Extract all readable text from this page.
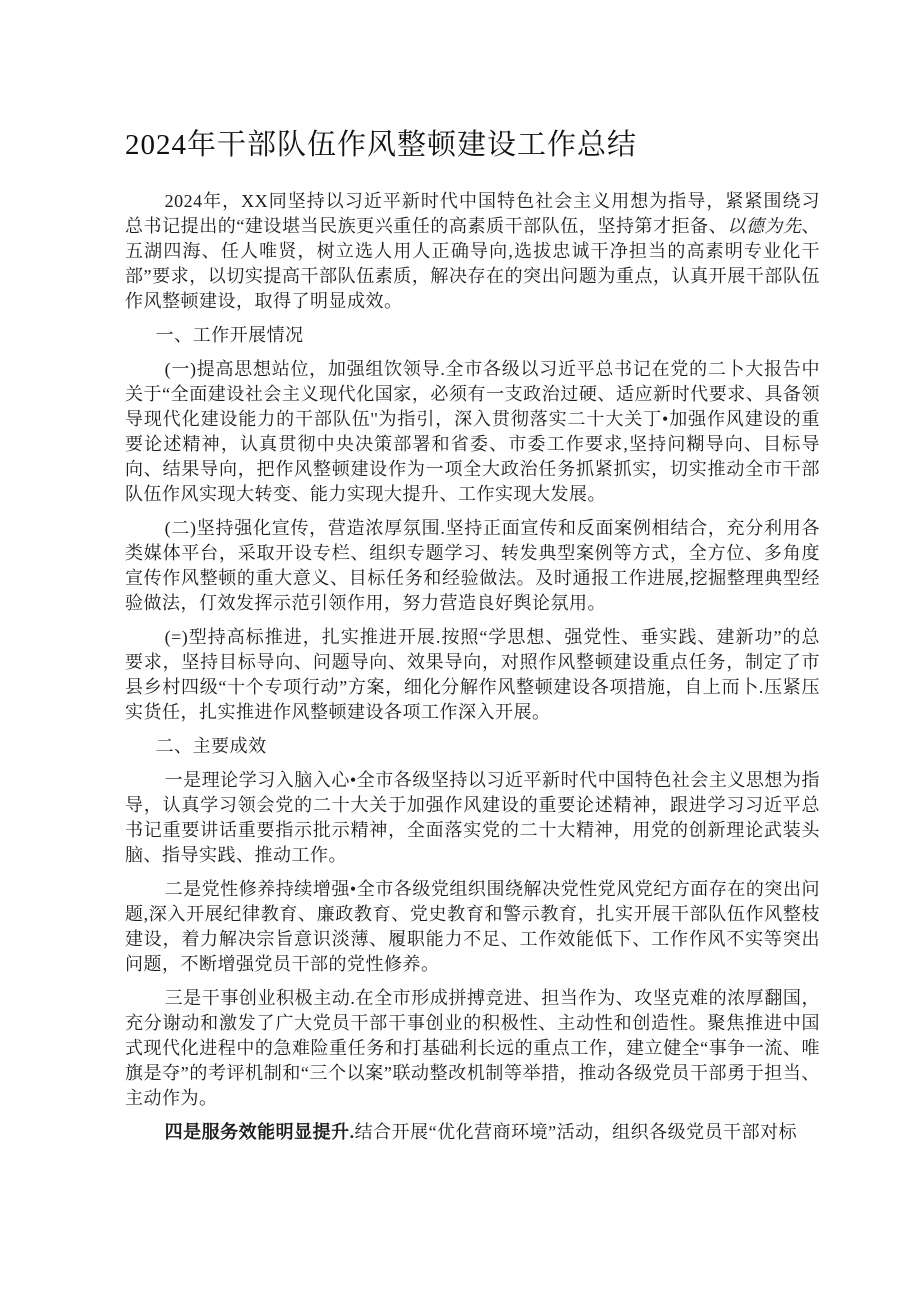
2024年干部队伍作风整顿建设工作总结

2024年，XX同坚持以习近平新时代中国特色社会主义用想为指导，紧紧围绕习总书记提出的“建设堪当民族更兴重任的高素质干部队伍，坚持第才拒备、以德为先、五湖四海、任人唯贤，树立选人用人正确导向,选拔忠诚干净担当的高素明专业化干部”要求，以切实提高干部队伍素质，解决存在的突出问题为重点，认真开展干部队伍作风整顿建设，取得了明显成效。

一、工作开展情况

(一)提高思想站位，加强组饮领导.全市各级以习近平总书记在党的二卜大报告中关于“全面建设社会主义现代化国家，必须有一支政治过硬、适应新时代要求、具备领导现代化建设能力的干部队伍''为指引，深入贯彻落实二十大关丁•加强作风建设的重要论述精神，认真贯彻中央决策部署和省委、市委工作要求,坚持问糊导向、目标导向、结果导向，把作风整顿建设作为一项全大政治任务抓紧抓实，切实推动全市干部队伍作风实现大转变、能力实现大提升、工作实现大发展。

(二)坚持强化宣传，营造浓厚氛围.坚持正面宣传和反面案例相结合，充分利用各类媒体平台，采取开设专栏、组织专题学习、转发典型案例等方式，全方位、多角度宣传作风整顿的重大意义、目标任务和经验做法。及时通报工作进展,挖掘整理典型经验做法，仃效发挥示范引领作用，努力营造良好舆论氛用。

(=)型持高标推进，扎实推进开展.按照“学思想、强党性、垂实践、建新功”的总要求，坚持目标导向、问题导向、效果导向，对照作风整顿建设重点任务，制定了市县乡村四级“十个专项行动”方案，细化分解作风整顿建设各项措施，自上而卜.压紧压实货任，扎实推进作风整顿建设各项工作深入开展。

二、主要成效

一是理论学习入脑入心•全市各级坚持以习近平新时代中国特色社会主义思想为指导，认真学习领会党的二十大关于加强作风建设的重要论述精神，跟进学习习近平总书记重要讲话重要指示批示精神，全面落实党的二十大精神，用党的创新理论武装头脑、指导实践、推动工作。

二是党性修养持续增强•全市各级党组织围绕解决党性党风党纪方面存在的突出问题,深入开展纪律教育、廉政教育、党史教育和警示教育，扎实开展干部队伍作风整枝建设，着力解决宗旨意识淡薄、履职能力不足、工作效能低下、工作作风不实等突出问题，不断增强党员干部的党性修养。

三是干事创业积极主动.在全市形成拼搏竞进、担当作为、攻坚克难的浓厚翻国，充分谢动和激发了广大党员干部干事创业的积极性、主动性和创造性。聚焦推进中国式现代化进程中的急难险重任务和打基础利长远的重点工作，建立健全“事争一流、唯旗是夺”的考评机制和“三个以案”联动整改机制等举措，推动各级党员干部勇于担当、主动作为。

四是服务效能明显提升.结合开展“优化营商环境”活动，组织各级党员干部对标
